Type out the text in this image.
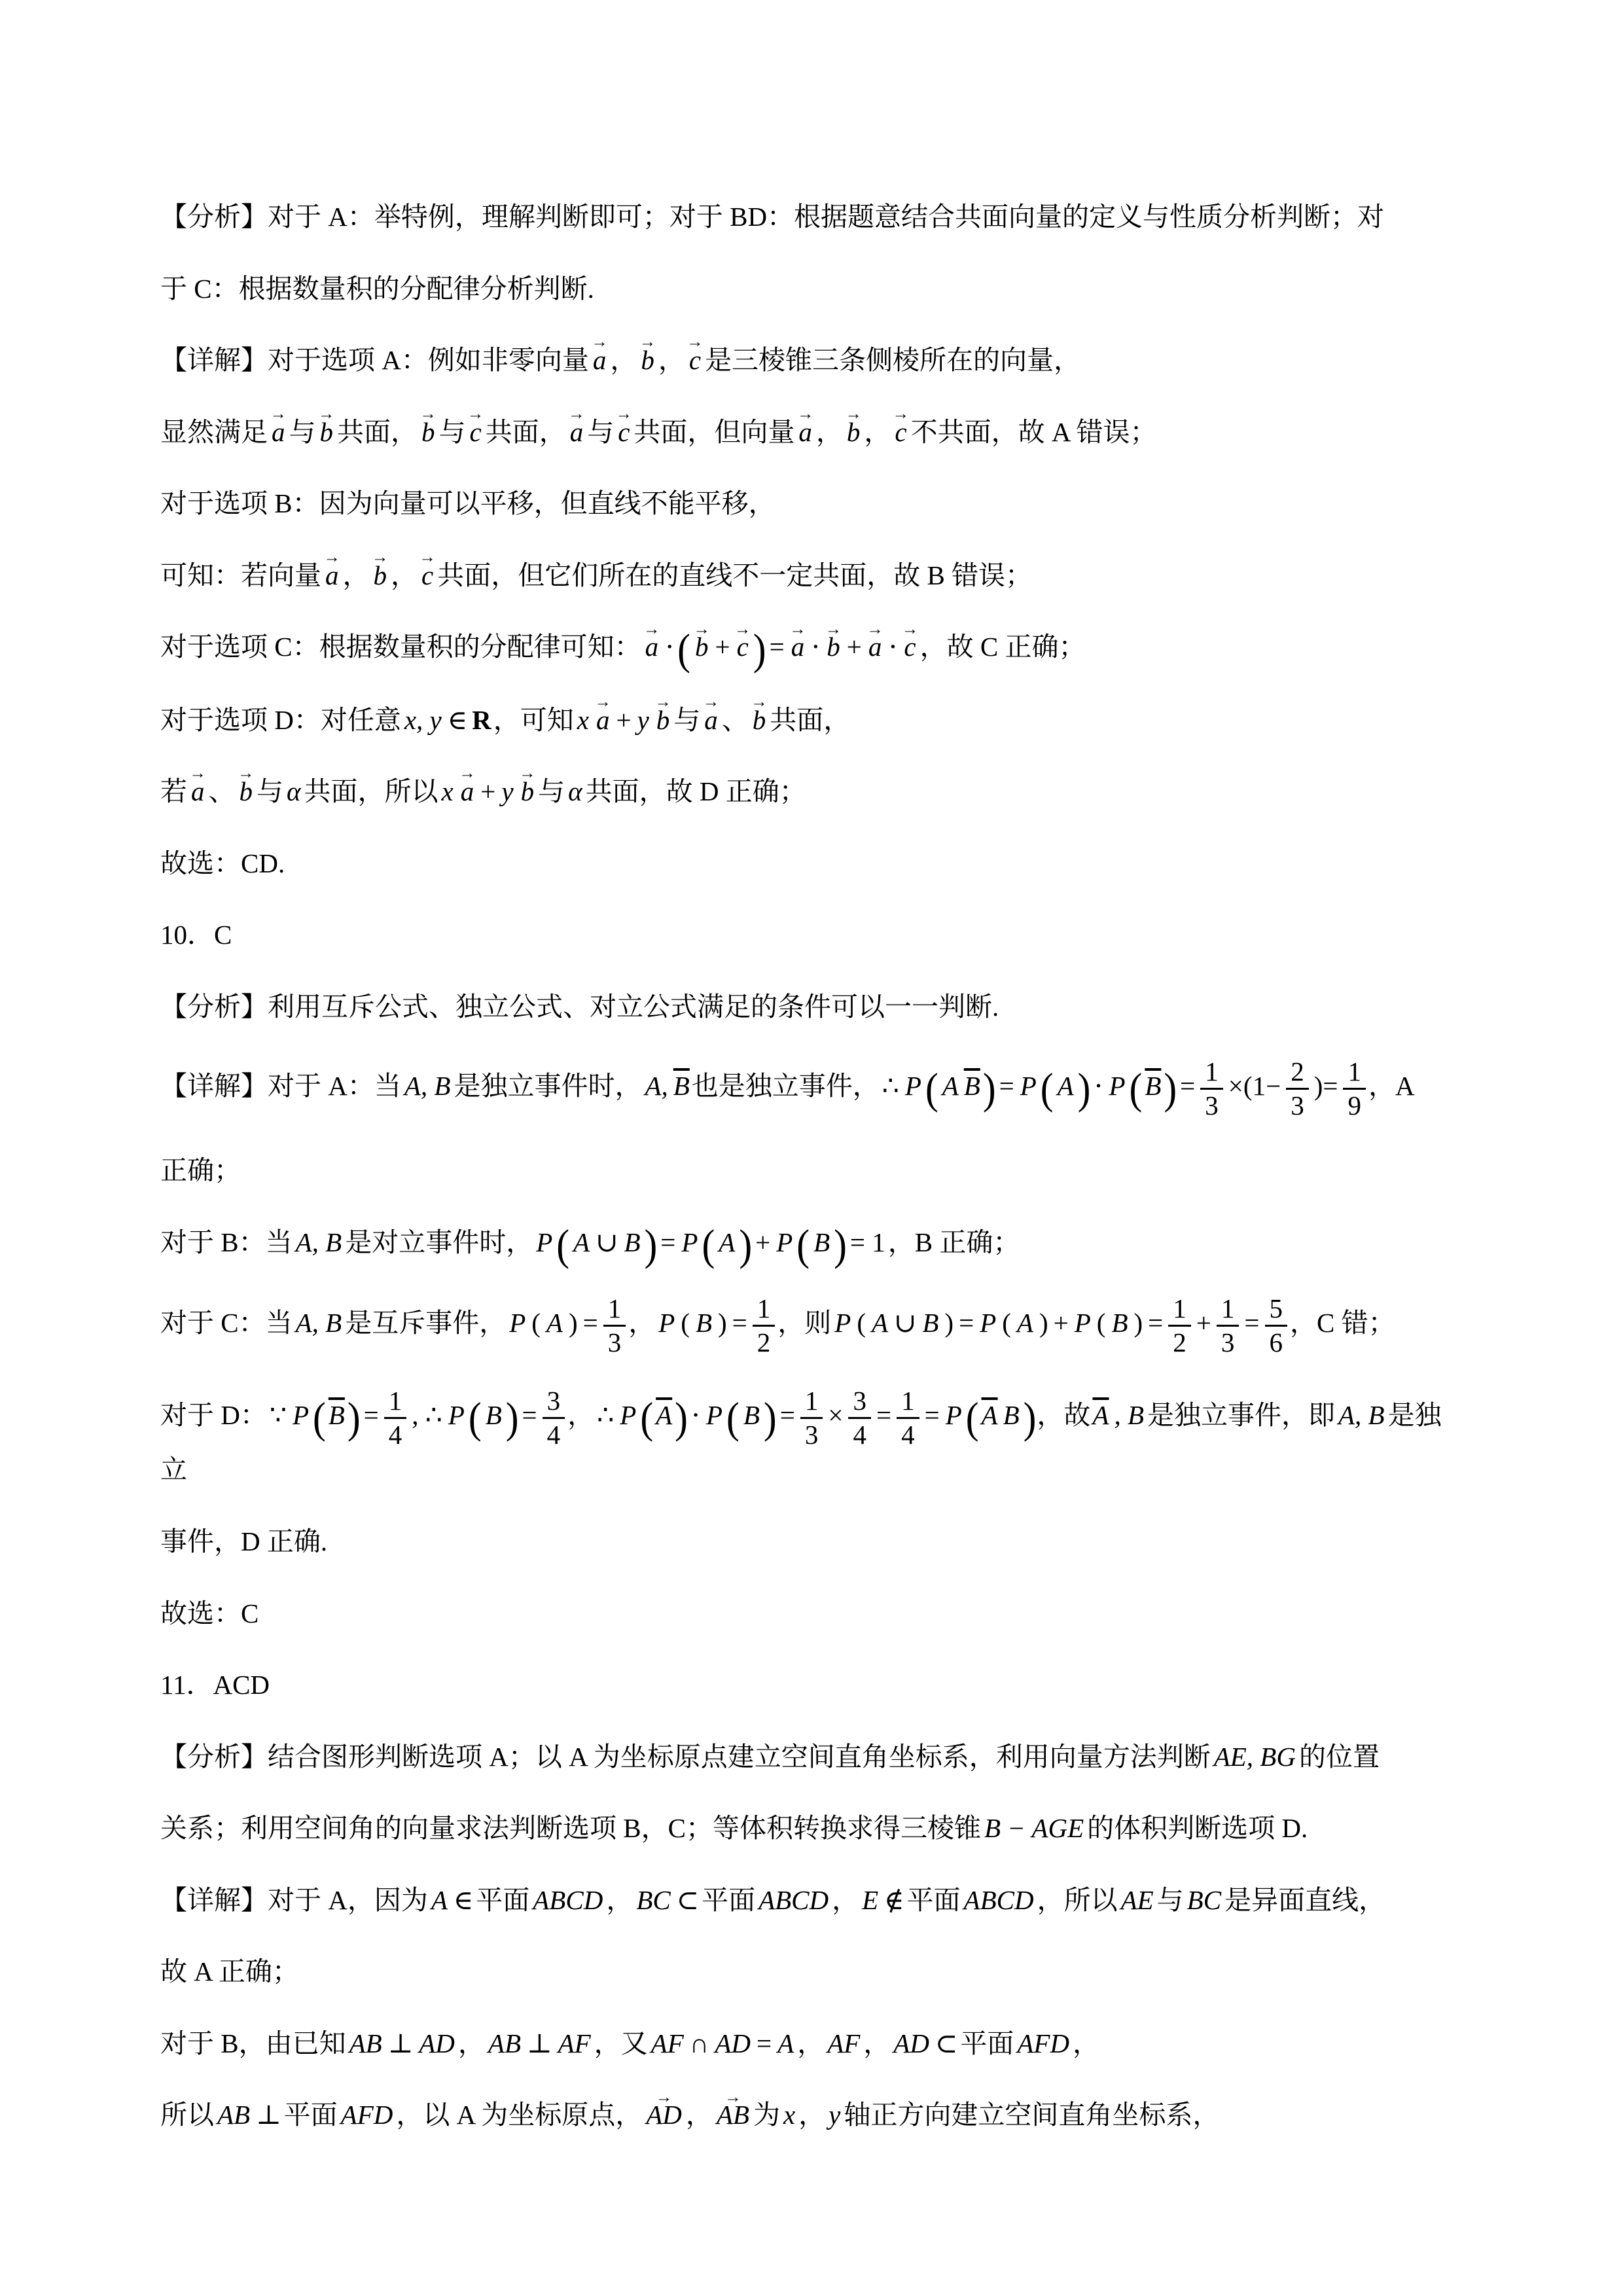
【分析】对于 A：举特例，理解判断即可；对于 BD：根据题意结合共面向量的定义与性质分析判断；对
于 C：根据数量积的分配律分析判断.
【详解】对于选项 A：例如非零向量 a → ， b → ， c → 是三棱锥三条侧棱所在的向量，
显然满足 a → 与 b → 共面， b → 与 c → 共面， a → 与 c → 共面，但向量 a → ， b → ， c → 不共面，故 A 错误；
对于选项 B：因为向量可以平移，但直线不能平移，
可知：若向量 a → ， b → ， c → 共面，但它们所在的直线不一定共面，故 B 错误；
对于选项 C：根据数量积的分配律可知： a → ⋅( b → + c → ) = a → ⋅ b → + a → ⋅ c → ，故 C 正确；
对于选项 D：对任意 x, y ∈ R，可知 x a → + y b → 与 a → 、 b → 共面，
若 a → 、 b → 与 α 共面，所以 x a → + y b → 与 α 共面，故 D 正确；
故选：CD.
10．C
【分析】利用互斥公式、独立公式、对立公式满足的条件可以一一判断.
【详解】对于 A：当 A, B 是独立事件时， A, $\overline{B}$也是独立事件，∴ P ( A $\overline{B}) = P$ ( A ) ⋅ P $(\overline{B}) = \frac{1}{3} \times(1- \frac{2}{3}$ )= $\frac{1}{9}$ ，A
正确；
对于 B：当 A, B 是对立事件时， P ( A ∪ B ) = P ( A ) + P ( B ) = 1，B 正确；
对于 C：当 A, B 是互斥事件， P ( A ) = $\frac{1}{3}$ ， P ( B ) = $\frac{1}{2}$ ，则 P ( A ∪ B ) = P ( A ) + P ( B ) = $\frac{1}{2} + \frac{1}{3} = \frac{5}{6}$ ，C 错；
对于 D：∵ P $(\overline{B}) = \frac{1}{4}$ , ∴ P ( B ) = $\frac{3}{4}$ ，∴ P $(\overline{A}) \cdot P$ ( B ) = $\frac{1}{3} \times \frac{3}{4} = \frac{1}{4} = P$ ($\overline{A}$ B )，故$\overline{A}$ , B 是独立事件，即 A, B 是独立
事件，D 正确.
故选：C
11．ACD
【分析】结合图形判断选项 A；以 A 为坐标原点建立空间直角坐标系，利用向量方法判断 AE, BG 的位置
关系；利用空间角的向量求法判断选项 B，C；等体积转换求得三棱锥 B − AGE 的体积判断选项 D.
【详解】对于 A，因为 A ∈平面 ABCD ， BC ⊂平面 ABCD ， E ∉平面 ABCD ，所以 AE 与 BC 是异面直线，
故 A 正确；
对于 B，由已知 AB ⊥ AD ， AB ⊥ AF ，又 AF ∩ AD = A ， AF ， AD ⊂平面 AFD ，
所以 AB ⊥平面 AFD ，以 A 为坐标原点， AD → ， AB → 为 x ， y 轴正方向建立空间直角坐标系，
